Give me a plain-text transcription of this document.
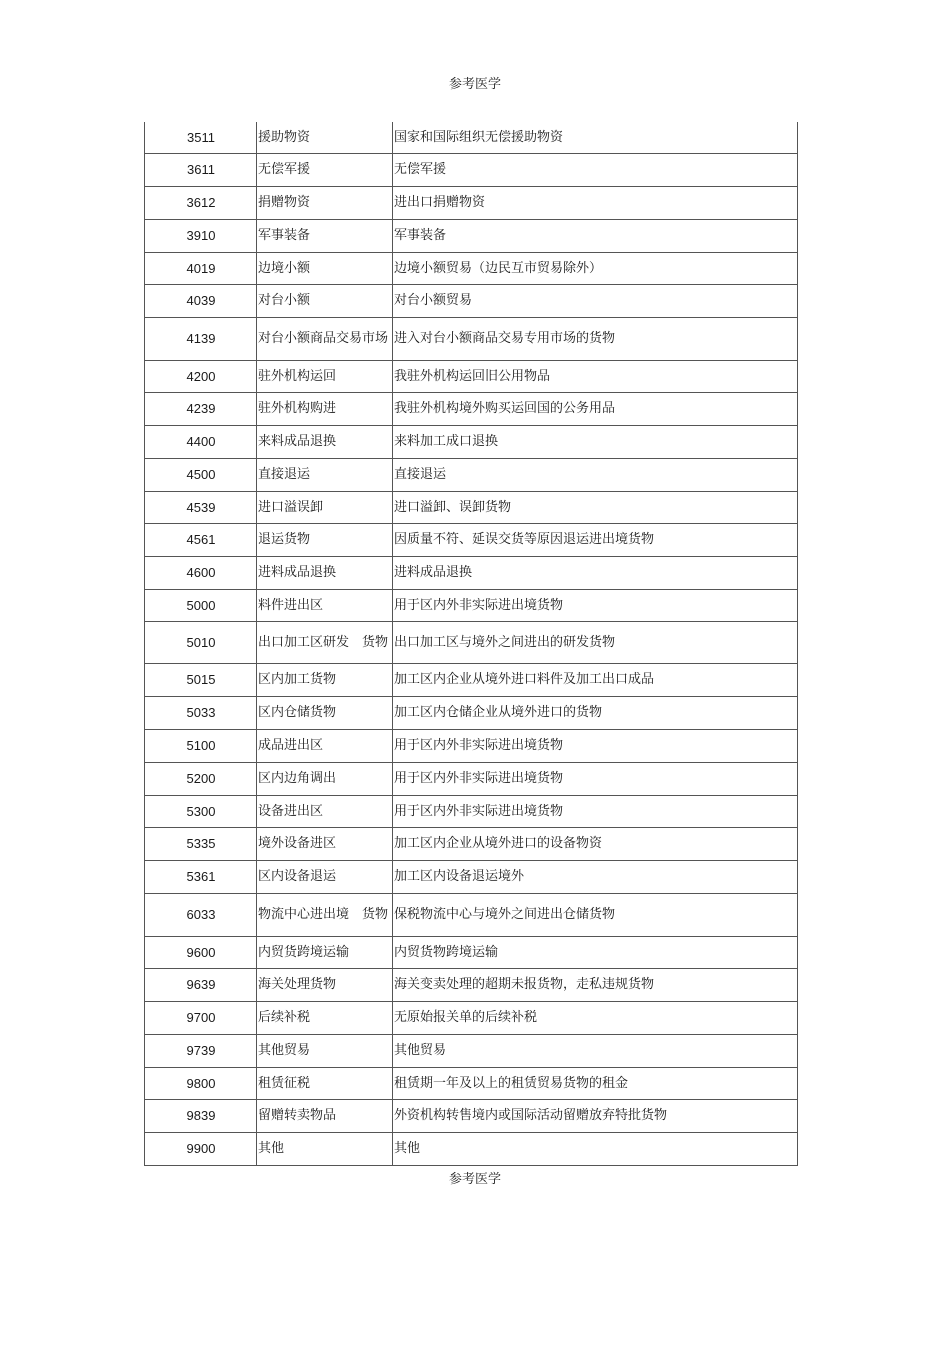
参考医学
3511	援助物资	国家和国际组织无偿援助物资
3611	无偿军援	无偿军援
3612	捐赠物资	进出口捐赠物资
3910	军事装备	军事装备
4019	边境小额	边境小额贸易（边民互市贸易除外）
4039	对台小额	对台小额贸易
4139	对台小额商品交易市场	进入对台小额商品交易专用市场的货物
4200	驻外机构运回	我驻外机构运回旧公用物品
4239	驻外机构购进	我驻外机构境外购买运回国的公务用品
4400	来料成品退换	来料加工成口退换
4500	直接退运	直接退运
4539	进口溢误卸	进口溢卸、误卸货物
4561	退运货物	因质量不符、延误交货等原因退运进出境货物
4600	进料成品退换	进料成品退换
5000	料件进出区	用于区内外非实际进出境货物
5010	出口加工区研发　货物	出口加工区与境外之间进出的研发货物
5015	区内加工货物	加工区内企业从境外进口料件及加工出口成品
5033	区内仓储货物	加工区内仓储企业从境外进口的货物
5100	成品进出区	用于区内外非实际进出境货物
5200	区内边角调出	用于区内外非实际进出境货物
5300	设备进出区	用于区内外非实际进出境货物
5335	境外设备进区	加工区内企业从境外进口的设备物资
5361	区内设备退运	加工区内设备退运境外
6033	物流中心进出境　货物	保税物流中心与境外之间进出仓储货物
9600	内贸货跨境运输	内贸货物跨境运输
9639	海关处理货物	海关变卖处理的超期未报货物，走私违规货物
9700	后续补税	无原始报关单的后续补税
9739	其他贸易	其他贸易
9800	租赁征税	租赁期一年及以上的租赁贸易货物的租金
9839	留赠转卖物品	外资机构转售境内或国际活动留赠放弃特批货物
9900	其他	其他
参考医学
